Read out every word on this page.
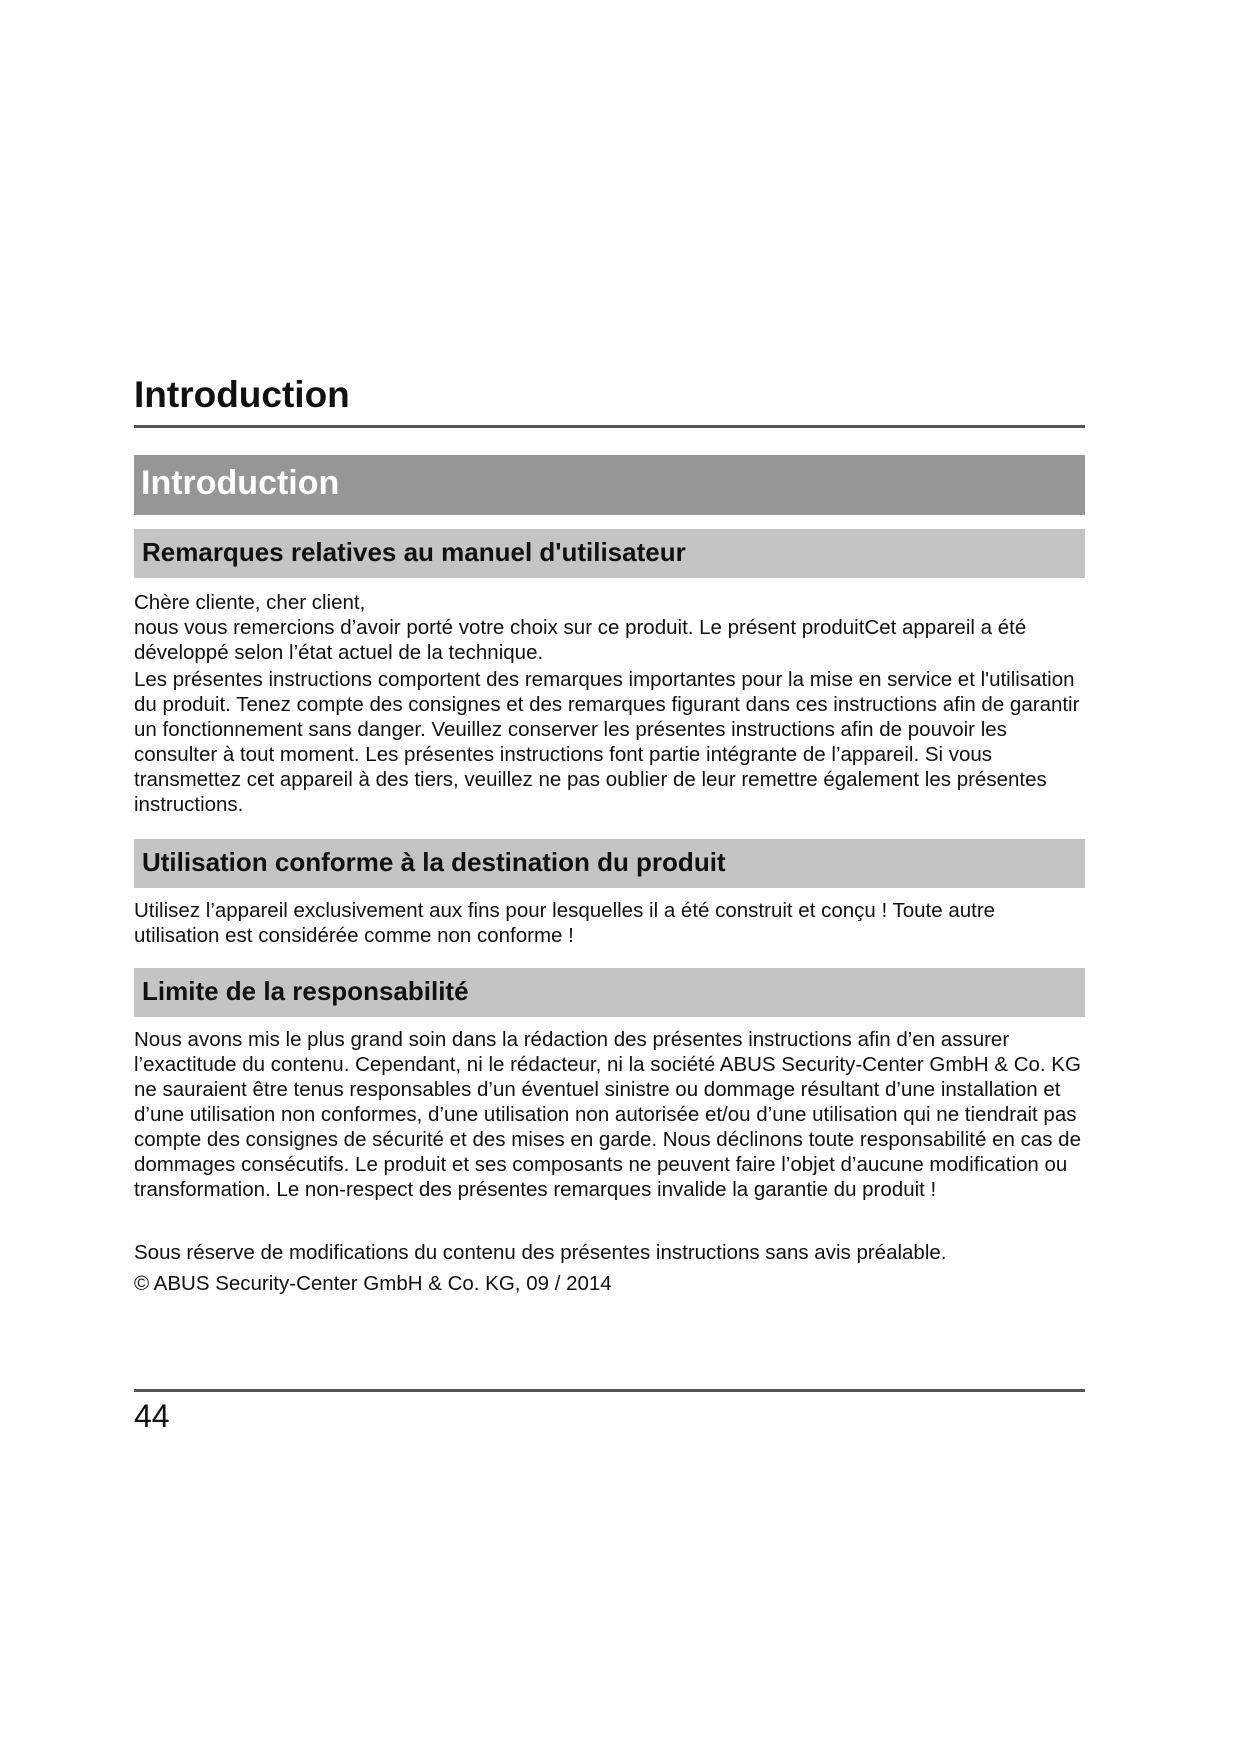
Introduction
Introduction
Remarques relatives au manuel d'utilisateur

Chère cliente, cher client,

nous vous remercions d’avoir porté votre choix sur ce produit. Le présent produitCet appareil a été développé selon l’état actuel de la technique.

Les présentes instructions comportent des remarques importantes pour la mise en service et l'utilisation du produit. Tenez compte des consignes et des remarques figurant dans ces instructions afin de garantir un fonctionnement sans danger. Veuillez conserver les présentes instructions afin de pouvoir les consulter à tout moment. Les présentes instructions font partie intégrante de l’appareil. Si vous transmettez cet appareil à des tiers, veuillez ne pas oublier de leur remettre également les présentes instructions.

Utilisation conforme à la destination du produit

Utilisez l’appareil exclusivement aux fins pour lesquelles il a été construit et conçu ! Toute autre utilisation est considérée comme non conforme !

Limite de la responsabilité

Nous avons mis le plus grand soin dans la rédaction des présentes instructions afin d’en assurer l’exactitude du contenu. Cependant, ni le rédacteur, ni la société ABUS Security-Center GmbH & Co. KG ne sauraient être tenus responsables d’un éventuel sinistre ou dommage résultant d’une installation et d’une utilisation non conformes, d’une utilisation non autorisée et/ou d’une utilisation qui ne tiendrait pas compte des consignes de sécurité et des mises en garde. Nous déclinons toute responsabilité en cas de dommages consécutifs. Le produit et ses composants ne peuvent faire l’objet d’aucune modification ou transformation. Le non-respect des présentes remarques invalide la garantie du produit !

Sous réserve de modifications du contenu des présentes instructions sans avis préalable.

© ABUS Security-Center GmbH & Co. KG, 09 / 2014

44
